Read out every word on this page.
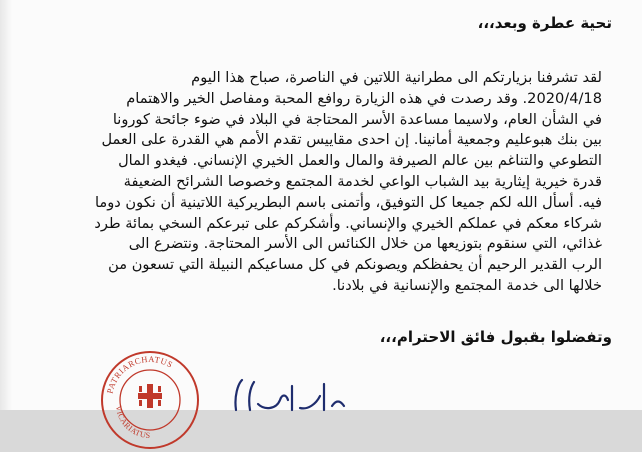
تحية عطرة وبعد،،،

لقد تشرفنا بزيارتكم الى مطرانية اللاتين في الناصرة، صباح هذا اليوم
2020/4/18. وقد رصدت في هذه الزيارة روافع المحبة ومفاصل الخير والاهتمام
في الشأن العام، ولاسيما مساعدة الأسر المحتاجة في البلاد في ضوء جائحة كورونا
بين بنك هبوعليم وجمعية أمانينا. إن احدى مقاييس تقدم الأمم هي القدرة على العمل
التطوعي والتناغم بين عالم الصيرفة والمال والعمل الخيري الإنساني. فيغدو المال
قدرة خيرية إيثارية بيد الشباب الواعي لخدمة المجتمع وخصوصا الشرائح الضعيفة
فيه. أسأل الله لكم جميعا كل التوفيق، وأتمنى باسم البطريركية اللاتينية أن نكون دوما
شركاء معكم في عملكم الخيري والإنساني. وأشكركم على تبرعكم السخي بمائة طرد
غذائي، التي سنقوم بتوزيعها من خلال الكنائس الى الأسر المحتاجة. ونتضرع الى
الرب القدير الرحيم أن يحفظكم ويصونكم في كل مساعيكم النبيلة التي تسعون من
خلالها الى خدمة المجتمع والإنسانية في بلادنا.

وتفضلوا بقبول فائق الاحترام،،،
PATRIARCHATUS
VICARIATUS
